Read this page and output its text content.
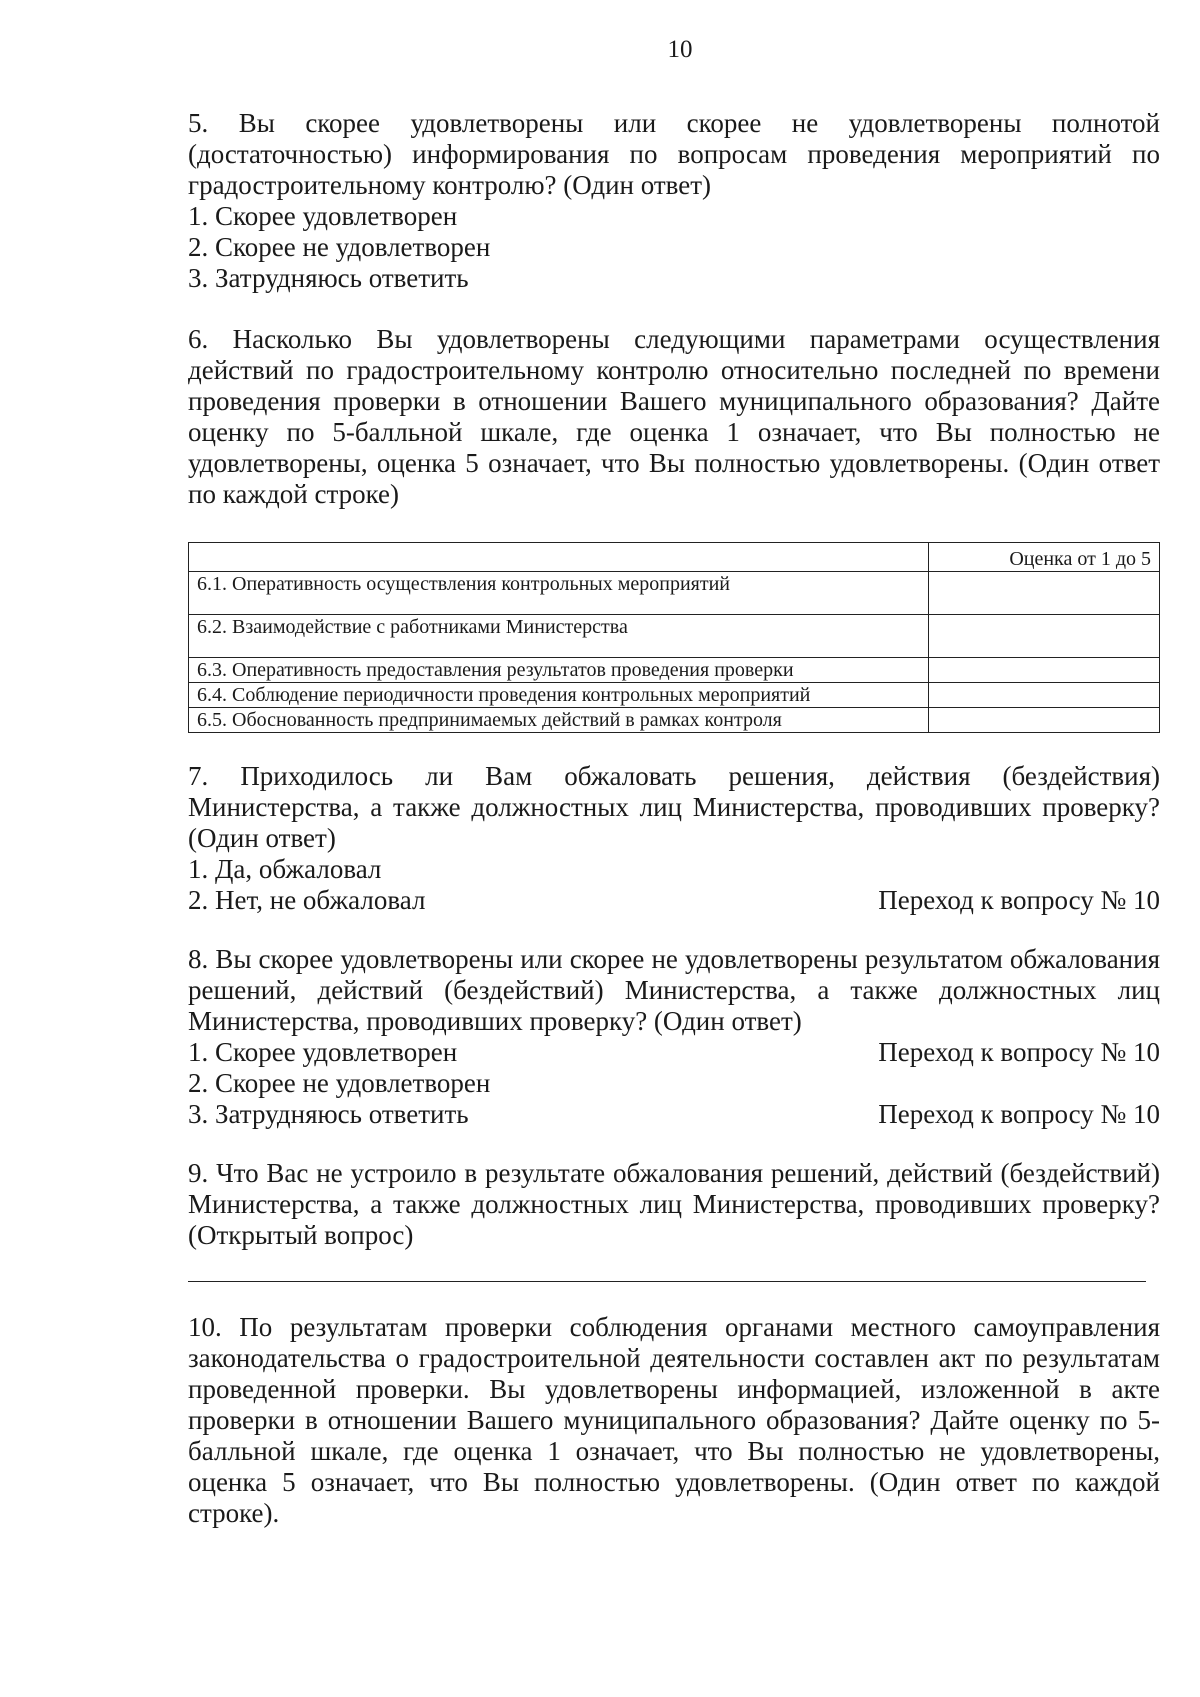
10

5. Вы скорее удовлетворены или скорее не удовлетворены полнотой (достаточностью) информирования по вопросам проведения мероприятий по градостроительному контролю? (Один ответ)

1. Скорее удовлетворен

2. Скорее не удовлетворен

3. Затрудняюсь ответить

6. Насколько Вы удовлетворены следующими параметрами осуществления действий по градостроительному контролю относительно последней по времени проведения проверки в отношении Вашего муниципального образования? Дайте оценку по 5-балльной шкале, где оценка 1 означает, что Вы полностью не удовлетворены, оценка 5 означает, что Вы полностью удовлетворены. (Один ответ по каждой строке)

	Оценка от 1 до 5
6.1. Оперативность осуществления контрольных мероприятий	
6.2. Взаимодействие с работниками Министерства	
6.3. Оперативность предоставления результатов проведения проверки	
6.4. Соблюдение периодичности проведения контрольных мероприятий	
6.5. Обоснованность предпринимаемых действий в рамках контроля	

7. Приходилось ли Вам обжаловать решения, действия (бездействия) Министерства, а также должностных лиц Министерства, проводивших проверку? (Один ответ)

1. Да, обжаловал

2. Нет, не обжаловал	Переход к вопросу № 10

8. Вы скорее удовлетворены или скорее не удовлетворены результатом обжалования решений, действий (бездействий) Министерства, а также должностных лиц Министерства, проводивших проверку? (Один ответ)

1. Скорее удовлетворен	Переход к вопросу № 10

2. Скорее не удовлетворен

3. Затрудняюсь ответить	Переход к вопросу № 10

9. Что Вас не устроило в результате обжалования решений, действий (бездействий) Министерства, а также должностных лиц Министерства, проводивших проверку? (Открытый вопрос)

10. По результатам проверки соблюдения органами местного самоуправления законодательства о градостроительной деятельности составлен акт по результатам проведенной проверки. Вы удовлетворены информацией, изложенной в акте проверки в отношении Вашего муниципального образования? Дайте оценку по 5-балльной шкале, где оценка 1 означает, что Вы полностью не удовлетворены, оценка 5 означает, что Вы полностью удовлетворены. (Один ответ по каждой строке).
